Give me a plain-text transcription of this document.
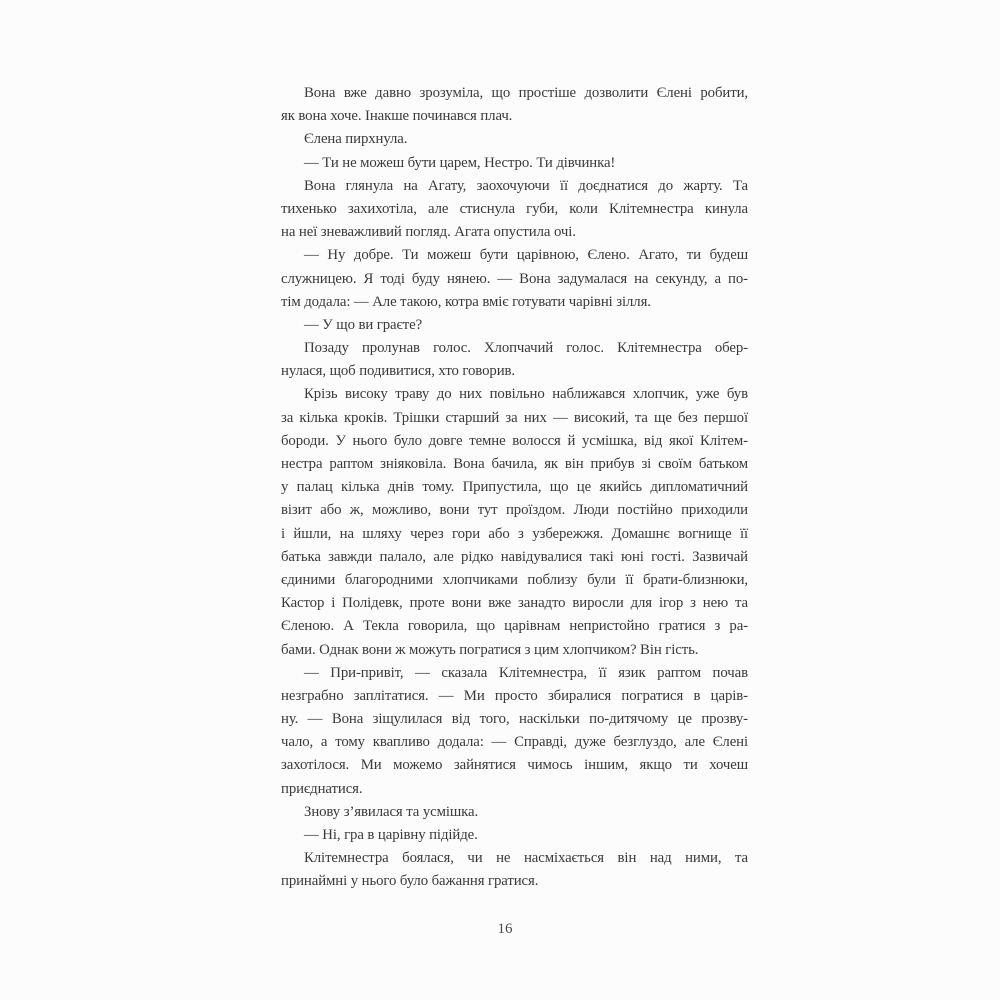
Вона вже давно зрозуміла, що простіше дозволити Єлені робити,
як вона хоче. Інакше починався плач.
Єлена пирхнула.
— Ти не можеш бути царем, Нестро. Ти дівчинка!
Вона глянула на Агату, заохочуючи її доєднатися до жарту. Та
тихенько захихотіла, але стиснула губи, коли Клітемнестра кинула
на неї зневажливий погляд. Агата опустила очі.
— Ну добре. Ти можеш бути царівною, Єлено. Агато, ти будеш
служницею. Я тоді буду нянею. — Вона задумалася на секунду, а по-
тім додала: — Але такою, котра вміє готувати чарівні зілля.
— У що ви граєте?
Позаду пролунав голос. Хлопчачий голос. Клітемнестра обер-
нулася, щоб подивитися, хто говорив.
Крізь високу траву до них повільно наближався хлопчик, уже був
за кілька кроків. Трішки старший за них — високий, та ще без першої
бороди. У нього було довге темне волосся й усмішка, від якої Клітем-
нестра раптом зніяковіла. Вона бачила, як він прибув зі своїм батьком
у палац кілька днів тому. Припустила, що це якийсь дипломатичний
візит або ж, можливо, вони тут проїздом. Люди постійно приходили
і йшли, на шляху через гори або з узбережжя. Домашнє вогнище її
батька завжди палало, але рідко навідувалися такі юні гості. Зазвичай
єдиними благородними хлопчиками поблизу були її брати-близнюки,
Кастор і Полідевк, проте вони вже занадто виросли для ігор з нею та
Єленою. А Текла говорила, що царівнам непристойно гратися з ра-
бами. Однак вони ж можуть погратися з цим хлопчиком? Він гість.
— При-привіт, — сказала Клітемнестра, її язик раптом почав
незграбно заплітатися. — Ми просто збиралися погратися в царів-
ну. — Вона зіщулилася від того, наскільки по-дитячому це прозву-
чало, а тому квапливо додала: — Справді, дуже безглуздо, але Єлені
захотілося. Ми можемо зайнятися чимось іншим, якщо ти хочеш
приєднатися.
Знову з’явилася та усмішка.
— Ні, гра в царівну підійде.
Клітемнестра боялася, чи не насміхається він над ними, та
принаймні у нього було бажання гратися.
16
